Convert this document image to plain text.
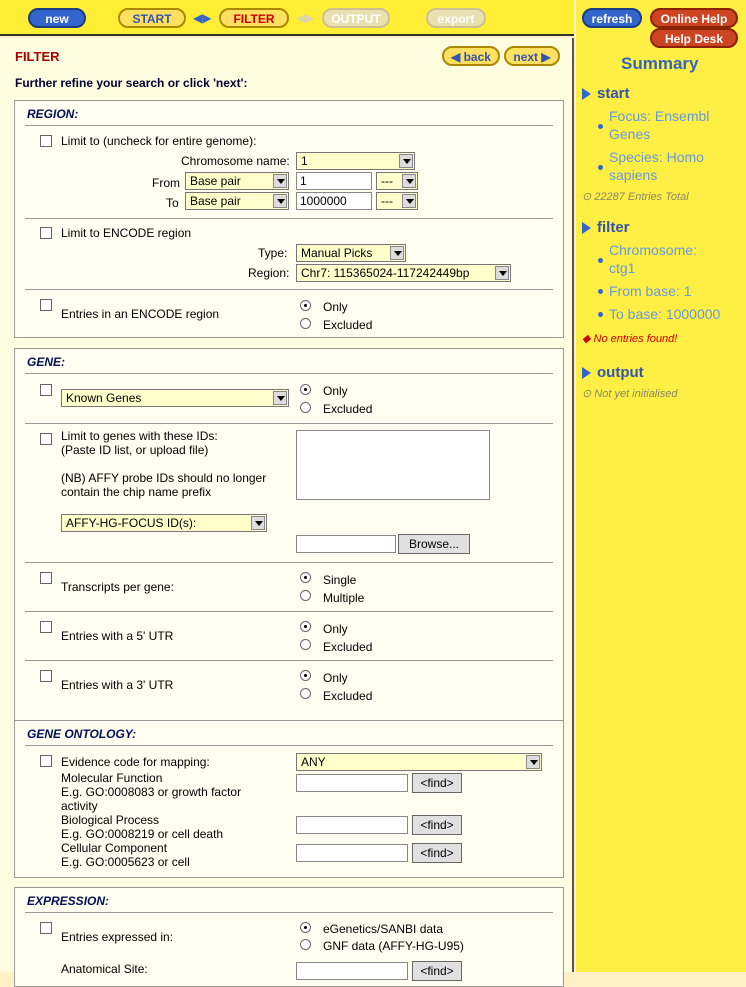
new	START	◀▶	FILTER	◀▶	OUTPUT	export
FILTER	◀ back	next ▶
Further refine your search or click 'next':
REGION:
Limit to (uncheck for entire genome):
Chromosome name: 1
From Base pair	1	---
To Base pair	1000000	---
Limit to ENCODE region
Type:	Manual Picks
Region: Chr7: 115365024-117242449bp
Entries in an ENCODE region	Only
Excluded
GENE:
Known Genes	Only
Excluded
Limit to genes with these IDs:
(Paste ID list, or upload file)
(NB) AFFY probe IDs should no longer
contain the chip name prefix
AFFY-HG-FOCUS ID(s):
Browse...
Transcripts per gene:	Single
Multiple
Entries with a 5' UTR	Only
Excluded
Entries with a 3' UTR	Only
Excluded
GENE ONTOLOGY:
Evidence code for mapping:	ANY
Molecular Function
E.g. GO:0008083 or growth factor
activity
<find>
Biological Process
E.g. GO:0008219 or cell death
<find>
Cellular Component
E.g. GO:0005623 or cell
<find>
EXPRESSION:
Entries expressed in:
eGenetics/SANBI data
GNF data (AFFY-HG-U95)
Anatomical Site:	<find>
refresh	Online Help
Help Desk
Summary
start
Focus: Ensembl
Genes
Species: Homo
sapiens
⊙ 22287 Entries Total
filter
Chromosome:
ctg1
From base: 1
To base: 1000000
◆ No entries found!
output
⊙ Not yet initialised
